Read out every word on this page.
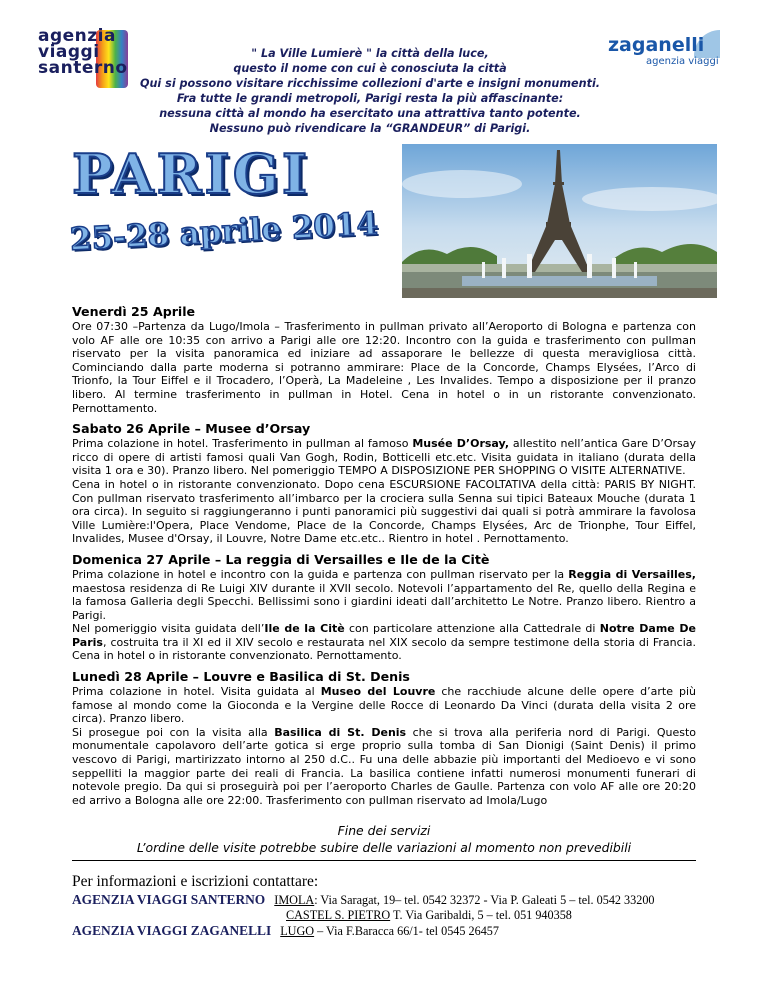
agenzia
viaggi
santerno
zaganelli
agenzia viaggi
" La Ville Lumierè " la città della luce,
questo il nome con cui è conosciuta la città
Qui si possono visitare ricchissime collezioni d'arte e insigni monumenti.
Fra tutte le grandi metropoli, Parigi resta la più affascinante:
nessuna città al mondo ha esercitato una attrattiva tanto potente.
Nessuno può rivendicare la “GRANDEUR” di Parigi.
PARIGI
25-28 aprile 2014
Venerdì 25 Aprile
Ore 07:30 –Partenza da Lugo/Imola – Trasferimento in pullman privato all’Aeroporto di Bologna e partenza con volo AF alle ore 10:35 con arrivo a Parigi alle ore 12:20. Incontro con la guida e trasferimento con pullman riservato per la visita panoramica ed iniziare ad assaporare le bellezze di questa meravigliosa città. Cominciando dalla parte moderna si potranno ammirare: Place de la Concorde, Champs Elysées, l’Arco di Trionfo, la Tour Eiffel e il Trocadero, l’Operà, La Madeleine , Les Invalides. Tempo a disposizione per il pranzo libero. Al termine trasferimento in pullman in Hotel. Cena in hotel o in un ristorante convenzionato. Pernottamento.
Sabato 26 Aprile – Musee d’Orsay
Prima colazione in hotel. Trasferimento in pullman al famoso Musée D’Orsay, allestito nell’antica Gare D’Orsay ricco di opere di artisti famosi quali Van Gogh, Rodin, Botticelli etc.etc. Visita guidata in italiano (durata della visita 1 ora e 30). Pranzo libero. Nel pomeriggio TEMPO A DISPOSIZIONE PER SHOPPING O VISITE ALTERNATIVE.
Cena in hotel o in ristorante convenzionato. Dopo cena ESCURSIONE FACOLTATIVA della città: PARIS BY NIGHT. Con pullman riservato trasferimento all’imbarco per la crociera sulla Senna sui tipici Bateaux Mouche (durata 1 ora circa). In seguito si raggiungeranno i punti panoramici più suggestivi dai quali si potrà ammirare la favolosa Ville Lumière:l'Opera, Place Vendome, Place de la Concorde, Champs Elysées, Arc de Trionphe, Tour Eiffel, Invalides, Musee d'Orsay, il Louvre, Notre Dame etc.etc.. Rientro in hotel . Pernottamento.
Domenica 27 Aprile – La reggia di Versailles e Ile de la Citè
Prima colazione in hotel e incontro con la guida e partenza con pullman riservato per la Reggia di Versailles, maestosa residenza di Re Luigi XIV durante il XVII secolo. Notevoli l’appartamento del Re, quello della Regina e la famosa Galleria degli Specchi. Bellissimi sono i giardini ideati dall’architetto Le Notre. Pranzo libero. Rientro a Parigi.
Nel pomeriggio visita guidata dell’Ile de la Citè con particolare attenzione alla Cattedrale di Notre Dame De Paris, costruita tra il XI ed il XIV secolo e restaurata nel XIX secolo da sempre testimone della storia di Francia. Cena in hotel o in ristorante convenzionato. Pernottamento.
Lunedì 28 Aprile – Louvre e Basilica di St. Denis
Prima colazione in hotel. Visita guidata al Museo del Louvre che racchiude alcune delle opere d’arte più famose al mondo come la Gioconda e la Vergine delle Rocce di Leonardo Da Vinci (durata della visita 2 ore circa). Pranzo libero.
Si prosegue poi con la visita alla Basilica di St. Denis che si trova alla periferia nord di Parigi. Questo monumentale capolavoro dell’arte gotica si erge proprio sulla tomba di San Dionigi (Saint Denis) il primo vescovo di Parigi, martirizzato intorno al 250 d.C.. Fu una delle abbazie più importanti del Medioevo e vi sono seppelliti la maggior parte dei reali di Francia. La basilica contiene infatti numerosi monumenti funerari di notevole pregio. Da qui si proseguirà poi per l’aeroporto Charles de Gaulle. Partenza con volo AF alle ore 20:20 ed arrivo a Bologna alle ore 22:00. Trasferimento con pullman riservato ad Imola/Lugo
Fine dei servizi
L’ordine delle visite potrebbe subire delle variazioni al momento non prevedibili
Per informazioni e iscrizioni contattare:
AGENZIA VIAGGI SANTERNO IMOLA: Via Saragat, 19– tel. 0542 32372 - Via P. Galeati 5 – tel. 0542 33200
CASTEL S. PIETRO T. Via Garibaldi, 5 – tel. 051 940358
AGENZIA VIAGGI ZAGANELLI LUGO – Via F.Baracca 66/1- tel 0545 26457
